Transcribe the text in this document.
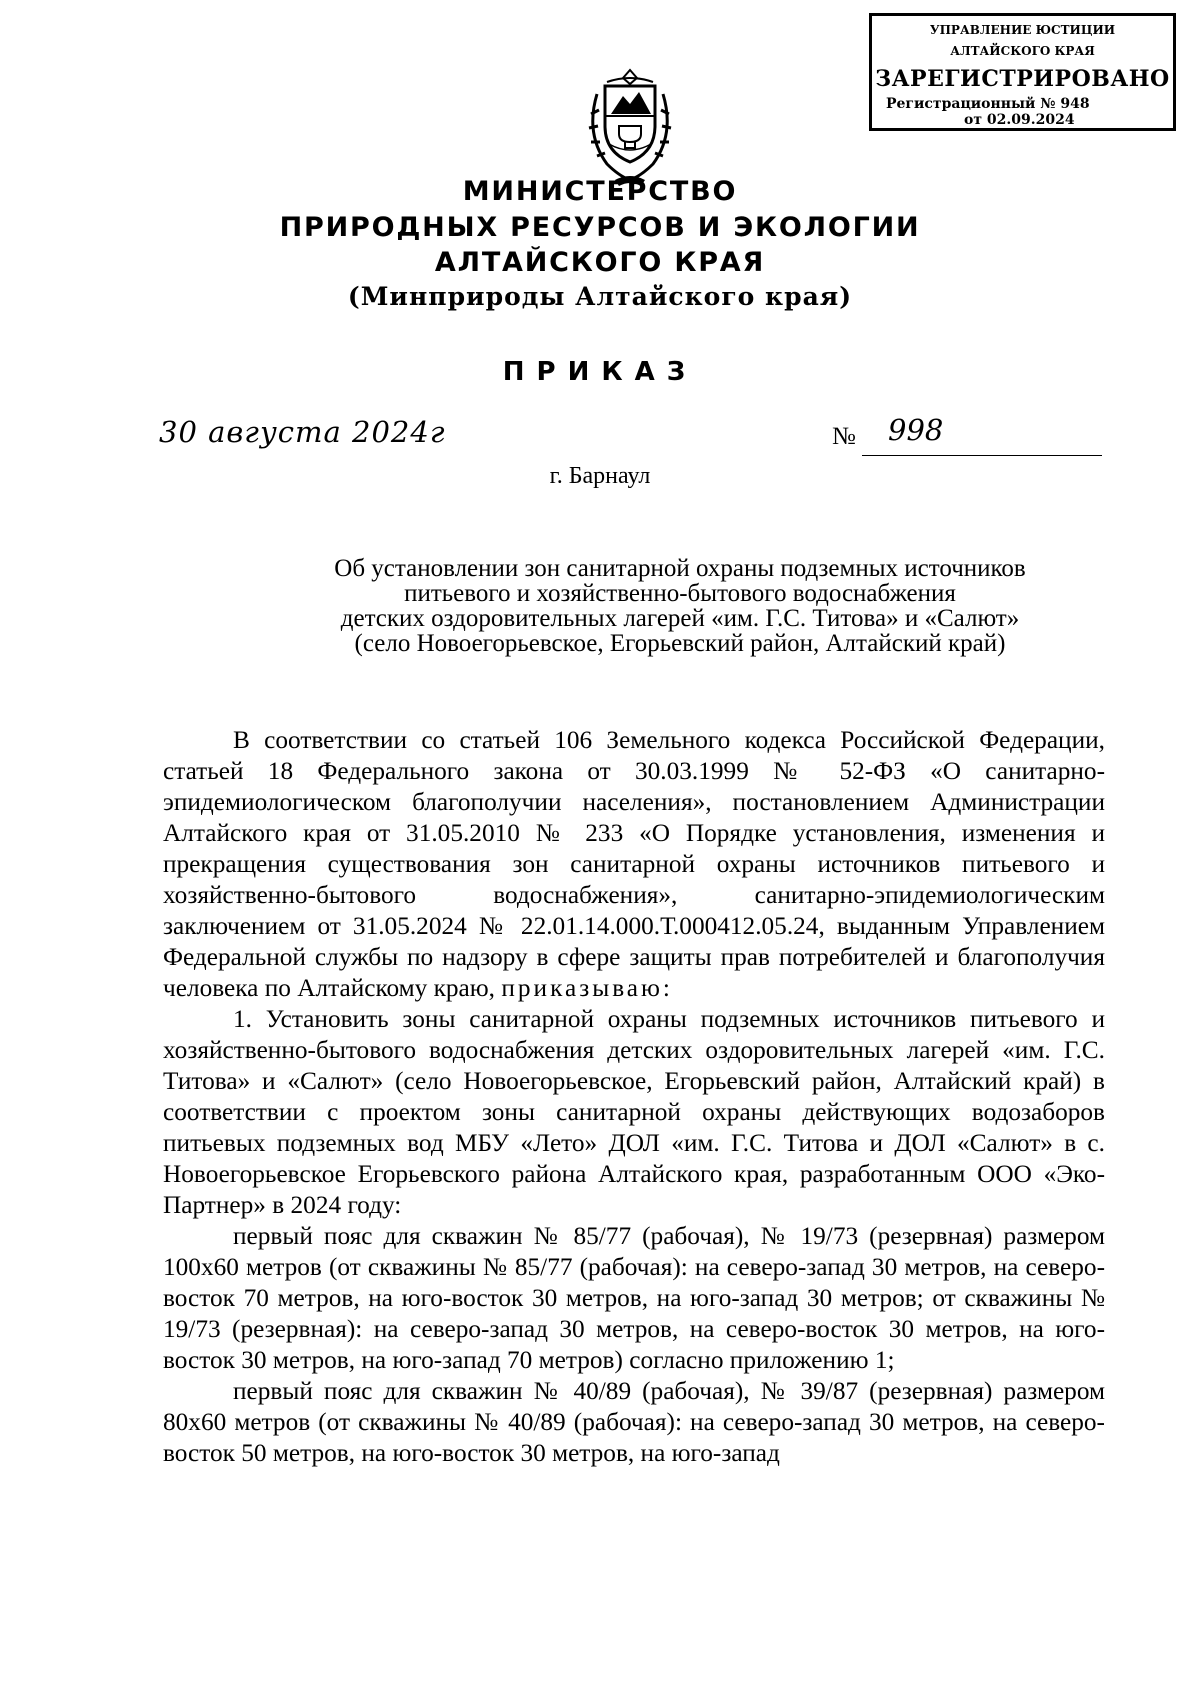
УПРАВЛЕНИЕ ЮСТИЦИИ
АЛТАЙСКОГО КРАЯ
ЗАРЕГИСТРИРОВАНО
Регистрационный № 948
от 02.09.2024
МИНИСТЕРСТВО
ПРИРОДНЫХ РЕСУРСОВ И ЭКОЛОГИИ
АЛТАЙСКОГО КРАЯ
(Минприроды Алтайского края)
ПРИКАЗ
30 августа 2024г	№ 998
г. Барнаул
Об установлении зон санитарной охраны подземных источников
питьевого и хозяйственно-бытового водоснабжения
детских оздоровительных лагерей «им. Г.С. Титова» и «Салют»
(село Новоегорьевское, Егорьевский район, Алтайский край)

В соответствии со статьей 106 Земельного кодекса Российской Федерации, статьей 18 Федерального закона от 30.03.1999 № 52-ФЗ «О санитарно-эпидемиологическом благополучии населения», постановлением Администрации Алтайского края от 31.05.2010 № 233 «О Порядке установления, изменения и прекращения существования зон санитарной охраны источников питьевого и хозяйственно-бытового водоснабжения», санитарно-эпидемиологическим заключением от 31.05.2024 № 22.01.14.000.Т.000412.05.24, выданным Управлением Федеральной службы по надзору в сфере защиты прав потребителей и благополучия человека по Алтайскому краю, приказываю:

1. Установить зоны санитарной охраны подземных источников питьевого и хозяйственно-бытового водоснабжения детских оздоровительных лагерей «им. Г.С. Титова» и «Салют» (село Новоегорьевское, Егорьевский район, Алтайский край) в соответствии с проектом зоны санитарной охраны действующих водозаборов питьевых подземных вод МБУ «Лето» ДОЛ «им. Г.С. Титова и ДОЛ «Салют» в с. Новоегорьевское Егорьевского района Алтайского края, разработанным ООО «Эко-Партнер» в 2024 году:

первый пояс для скважин № 85/77 (рабочая), № 19/73 (резервная) размером 100х60 метров (от скважины № 85/77 (рабочая): на северо-запад 30 метров, на северо-восток 70 метров, на юго-восток 30 метров, на юго-запад 30 метров; от скважины № 19/73 (резервная): на северо-запад 30 метров, на северо-восток 30 метров, на юго-восток 30 метров, на юго-запад 70 метров) согласно приложению 1;

первый пояс для скважин № 40/89 (рабочая), № 39/87 (резервная) размером 80х60 метров (от скважины № 40/89 (рабочая): на северо-запад 30 метров, на северо-восток 50 метров, на юго-восток 30 метров, на юго-запад
